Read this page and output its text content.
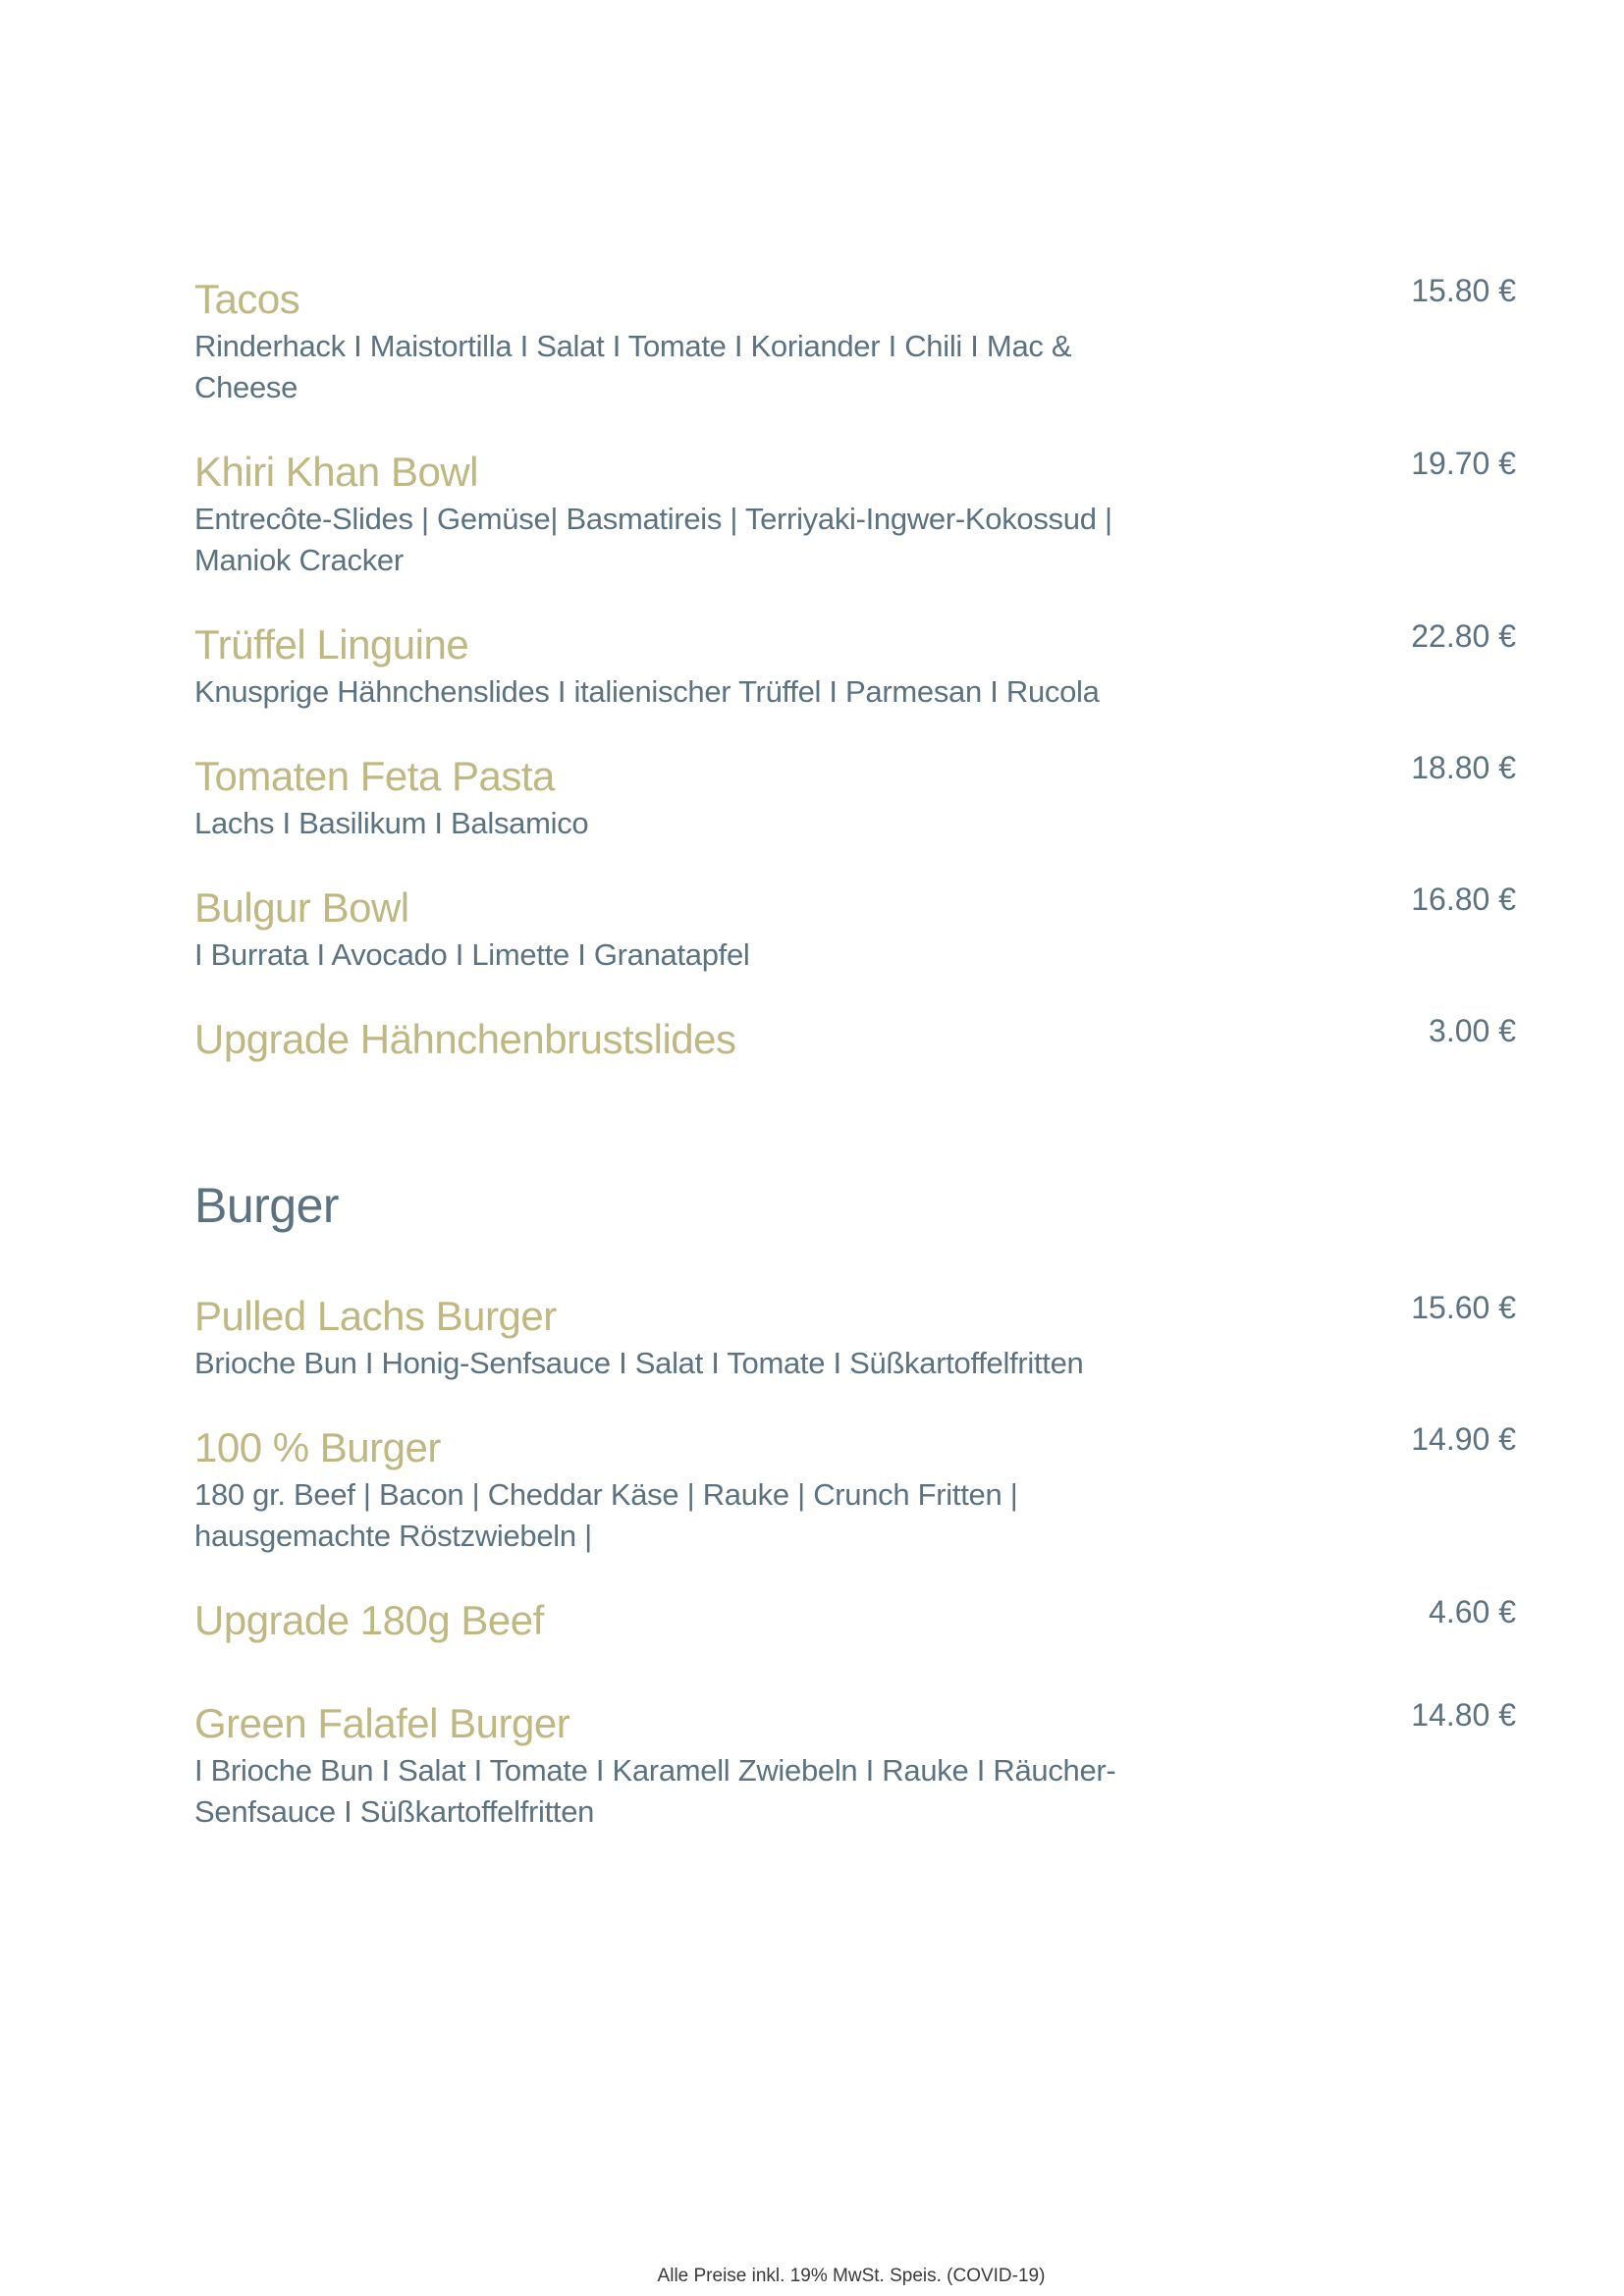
Tacos
Rinderhack I Maistortilla I Salat I Tomate I Koriander I Chili I Mac & Cheese
15.80 €
Khiri Khan Bowl
Entrecôte-Slides | Gemüse| Basmatireis | Terriyaki-Ingwer-Kokossud | Maniok Cracker
19.70 €
Trüffel Linguine
Knusprige Hähnchenslides I italienischer Trüffel I Parmesan I Rucola
22.80 €
Tomaten Feta Pasta
Lachs I Basilikum I Balsamico
18.80 €
Bulgur Bowl
I Burrata I Avocado I Limette I Granatapfel
16.80 €
Upgrade Hähnchenbrustslides	3.00 €
Burger
Pulled Lachs Burger
Brioche Bun I Honig-Senfsauce I Salat I Tomate I Süßkartoffelfritten
15.60 €
100 % Burger
180 gr. Beef | Bacon | Cheddar Käse | Rauke | Crunch Fritten | hausgemachte Röstzwiebeln |
14.90 €
Upgrade 180g Beef	4.60 €
Green Falafel Burger
I Brioche Bun I Salat I Tomate I Karamell Zwiebeln I Rauke I Räucher-Senfsauce I Süßkartoffelfritten
14.80 €
Alle Preise inkl. 19% MwSt. Speis. (COVID-19)
